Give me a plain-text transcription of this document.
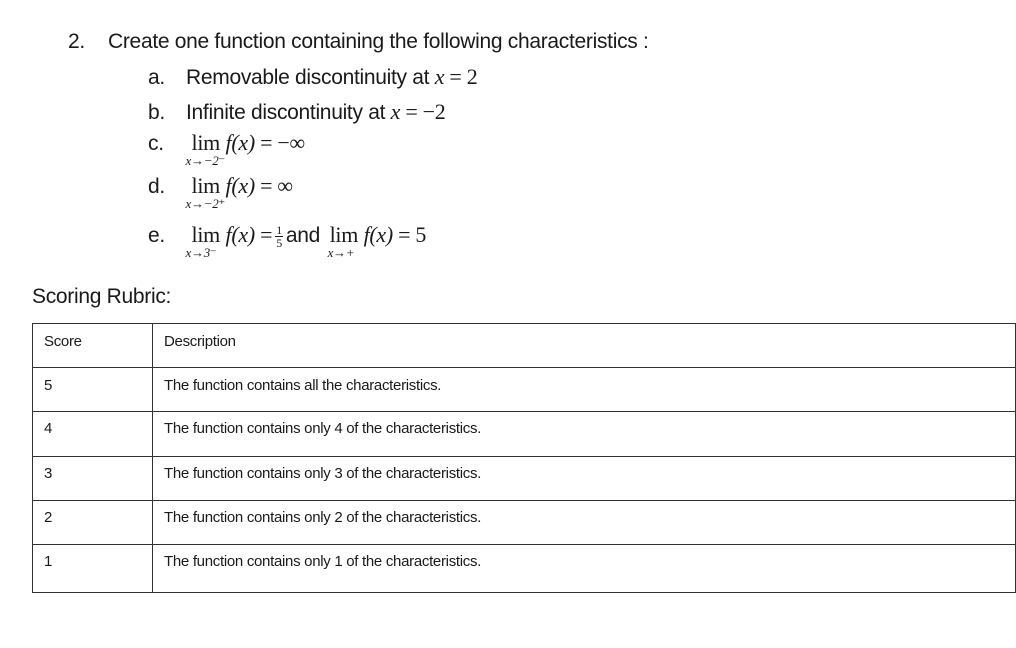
2. Create one function containing the following characteristics :
a. Removable discontinuity at x = 2
b. Infinite discontinuity at x = −2
c. lim
x→−2⁻
f(x) = −∞
d. lim
x→−2⁺
f(x) = ∞
e. lim
x→3⁻
$f(x) = \frac{1}{5}$ and lim
x→+
f(x) = 5
Scoring Rubric:
Score	Description
5	The function contains all the characteristics.
4	The function contains only 4 of the characteristics.
3	The function contains only 3 of the characteristics.
2	The function contains only 2 of the characteristics.
1	The function contains only 1 of the characteristics.
